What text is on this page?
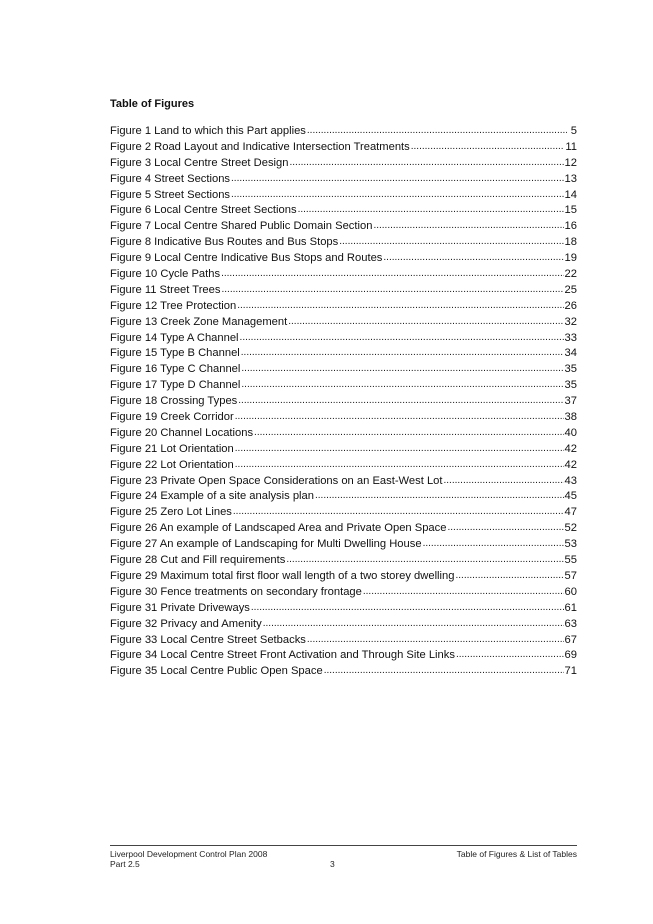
Table of Figures
Figure 1 Land to which this Part applies .....	5
Figure 2 Road Layout and Indicative Intersection Treatments .....	11
Figure 3 Local Centre Street Design .....	12
Figure 4 Street Sections .....	13
Figure 5 Street Sections .....	14
Figure 6 Local Centre Street Sections .....	15
Figure 7 Local Centre Shared Public Domain Section .....	16
Figure 8 Indicative Bus Routes and Bus Stops .....	18
Figure 9 Local Centre Indicative Bus Stops and Routes .....	19
Figure 10 Cycle Paths .....	22
Figure 11 Street Trees .....	25
Figure 12 Tree Protection .....	26
Figure 13 Creek Zone Management .....	32
Figure 14 Type A Channel .....	33
Figure 15 Type B Channel .....	34
Figure 16 Type C Channel .....	35
Figure 17 Type D Channel .....	35
Figure 18 Crossing Types .....	37
Figure 19 Creek Corridor .....	38
Figure 20 Channel Locations .....	40
Figure 21 Lot Orientation .....	42
Figure 22 Lot Orientation .....	42
Figure 23 Private Open Space Considerations on an East-West Lot .....	43
Figure 24 Example of a site analysis plan .....	45
Figure 25 Zero Lot Lines .....	47
Figure 26 An example of Landscaped Area and Private Open Space .....	52
Figure 27 An example of Landscaping for Multi Dwelling House .....	53
Figure 28 Cut and Fill requirements .....	55
Figure 29 Maximum total first floor wall length of a two storey dwelling .....	57
Figure 30 Fence treatments on secondary frontage .....	60
Figure 31 Private Driveways .....	61
Figure 32 Privacy and Amenity .....	63
Figure 33 Local Centre Street Setbacks .....	67
Figure 34 Local Centre Street Front Activation and Through Site Links .....	69
Figure 35 Local Centre Public Open Space .....	71
Liverpool Development Control Plan 2008
Part 2.5	3
Table of Figures & List of Tables
